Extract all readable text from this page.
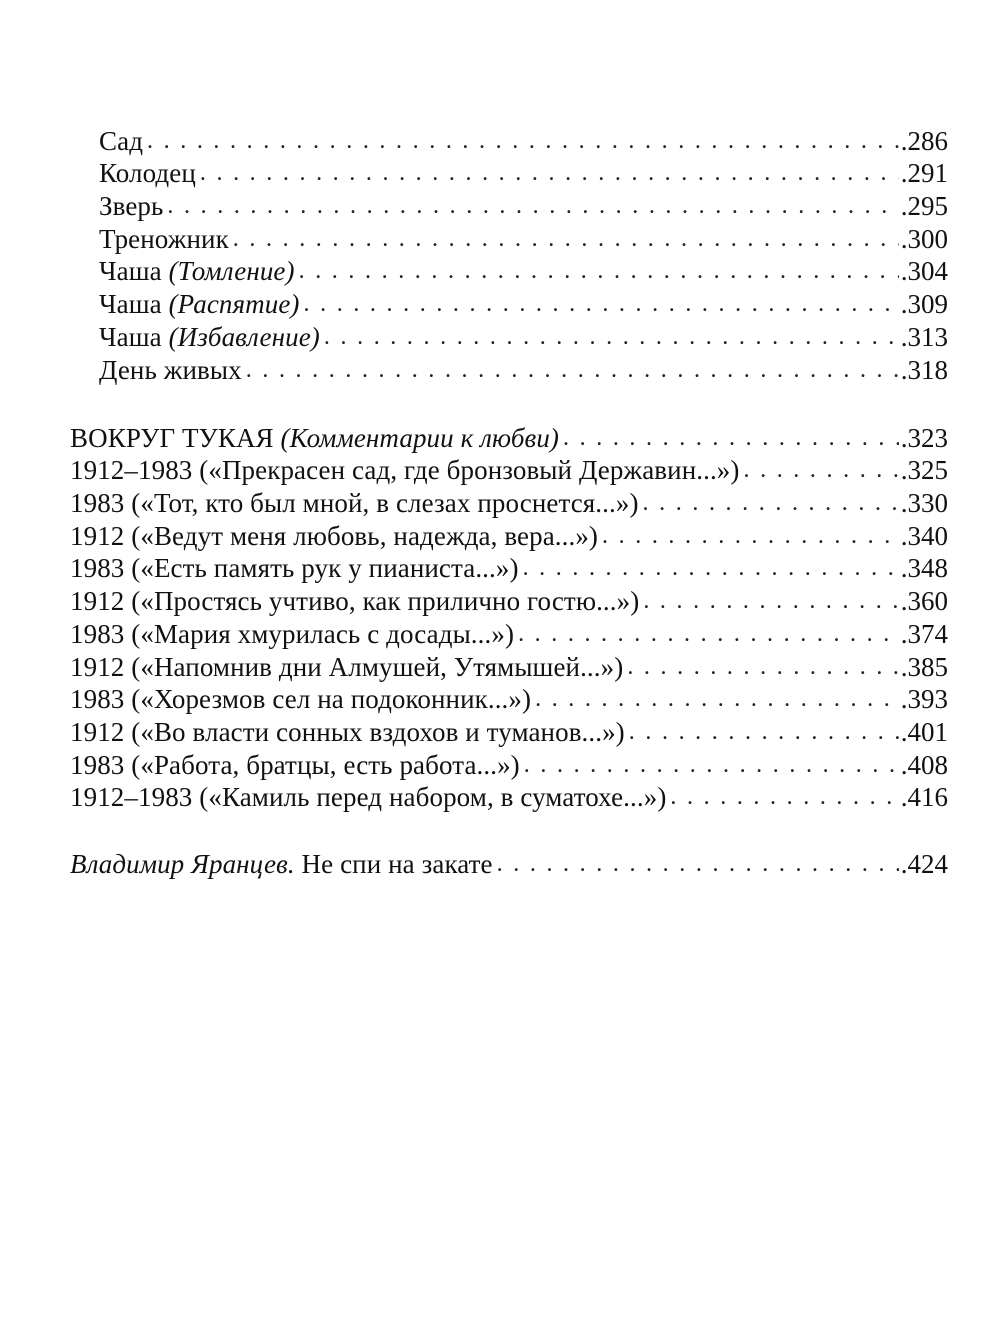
Сад . . .	.286
Колодец . . .	.291
Зверь . . .	.295
Треножник . . .	.300
Чаша (Томление) . . .	.304
Чаша (Распятие) . . .	.309
Чаша (Избавление) . . .	.313
День живых . . .	.318
ВОКРУГ ТУКАЯ (Комментарии к любви) . . .	.323
1912–1983 («Прекрасен сад, где бронзовый Державин...») . . .	.325
1983 («Тот, кто был мной, в слезах проснется...») . . .	.330
1912 («Ведут меня любовь, надежда, вера...») . . .	.340
1983 («Есть память рук у пианиста...») . . .	.348
1912 («Простясь учтиво, как прилично гостю...») . . .	.360
1983 («Мария хмурилась с досады...») . . .	.374
1912 («Напомнив дни Алмушей, Утямышей...») . . .	.385
1983 («Хорезмов сел на подоконник...») . . .	.393
1912 («Во власти сонных вздохов и туманов...») . . .	.401
1983 («Работа, братцы, есть работа...») . . .	.408
1912–1983 («Камиль перед набором, в суматохе...») . . .	.416
Владимир Яранцев. Не спи на закате . . .	.424
